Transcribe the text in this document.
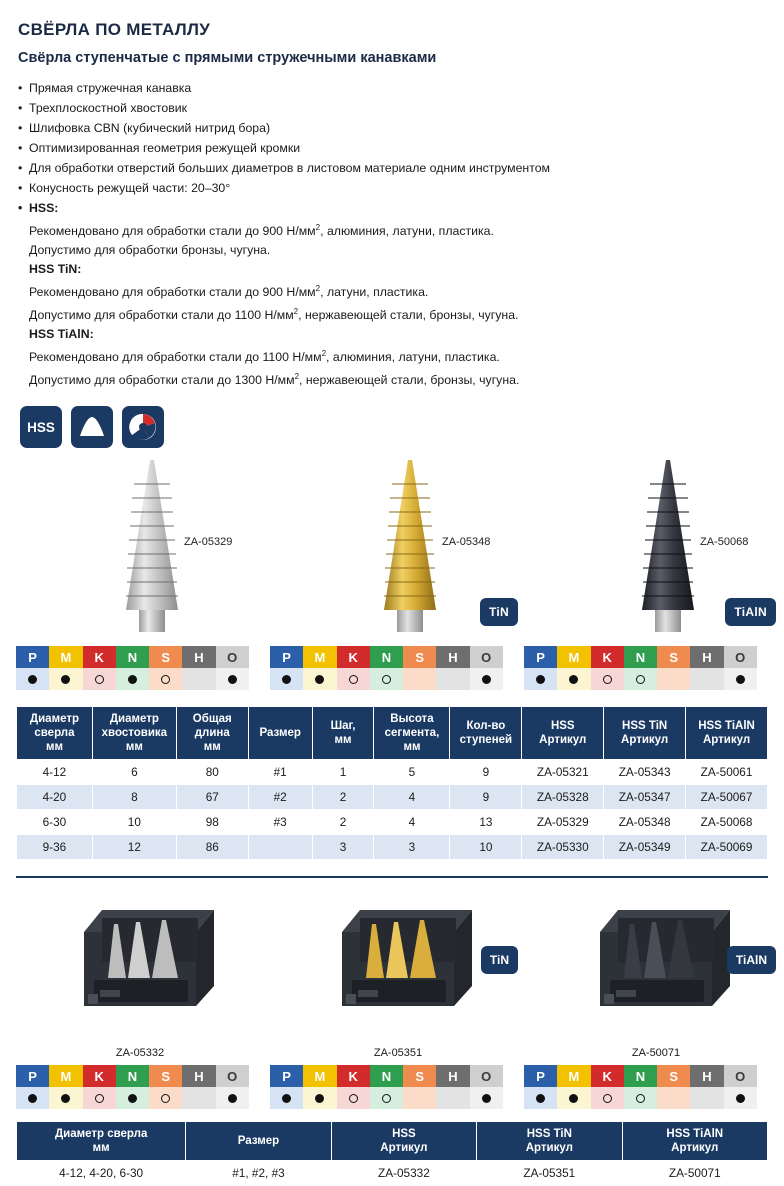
СВЁРЛА ПО МЕТАЛЛУ
Свёрла ступенчатые с прямыми стружечными канавками
• Прямая стружечная канавка
• Трехплоскостной хвостовик
• Шлифовка CBN (кубический нитрид бора)
• Оптимизированная геометрия режущей кромки
• Для обработки отверстий больших диаметров в листовом материале одним инструментом
• Конусность режущей части: 20–30°
• HSS:
Рекомендовано для обработки стали до 900 $Н/мм^2$, алюминия, латуни, пластика.
Допустимо для обработки бронзы, чугуна.
HSS TiN:
Рекомендовано для обработки стали до 900 $Н/мм^2$, латуни, пластика.
Допустимо для обработки стали до 1100 $Н/мм^2$, нержавеющей стали, бронзы, чугуна.
HSS TiAlN:
Рекомендовано для обработки стали до 1100 $Н/мм^2$, алюминия, латуни, пластика.
Допустимо для обработки стали до 1300 $Н/мм^2$, нержавеющей стали, бронзы, чугуна.
HSS
ZA-05329	ZA-05348
TiN
ZA-50068
TiAlN
P	M	K	N	S	H	O	P	M	K	N	S	H	O	P	M	K	N	S	H	O
Диаметр
сверла
мм	Диаметр
хвостовика
мм	Общая
длина
мм	Размер	Шаг,
мм	Высота
сегмента,
мм	Кол-во
ступеней	HSS
Артикул	HSS TiN
Артикул	HSS TiAlN
Артикул
4-12	6	80	#1	1	5	9	ZA-05321	ZA-05343	ZA-50061
4-20	8	67	#2	2	4	9	ZA-05328	ZA-05347	ZA-50067
6-30	10	98	#3	2	4	13	ZA-05329	ZA-05348	ZA-50068
9-36	12	86		3	3	10	ZA-05330	ZA-05349	ZA-50069
ZA-05332	ZA-05351
TiN
ZA-50071
TiAlN
P	M	K	N	S	H	O	P	M	K	N	S	H	O	P	M	K	N	S	H	O
Диаметр сверла
мм	Размер	HSS
Артикул	HSS TiN
Артикул	HSS TiAlN
Артикул
4-12, 4-20, 6-30	#1, #2, #3	ZA-05332	ZA-05351	ZA-50071
